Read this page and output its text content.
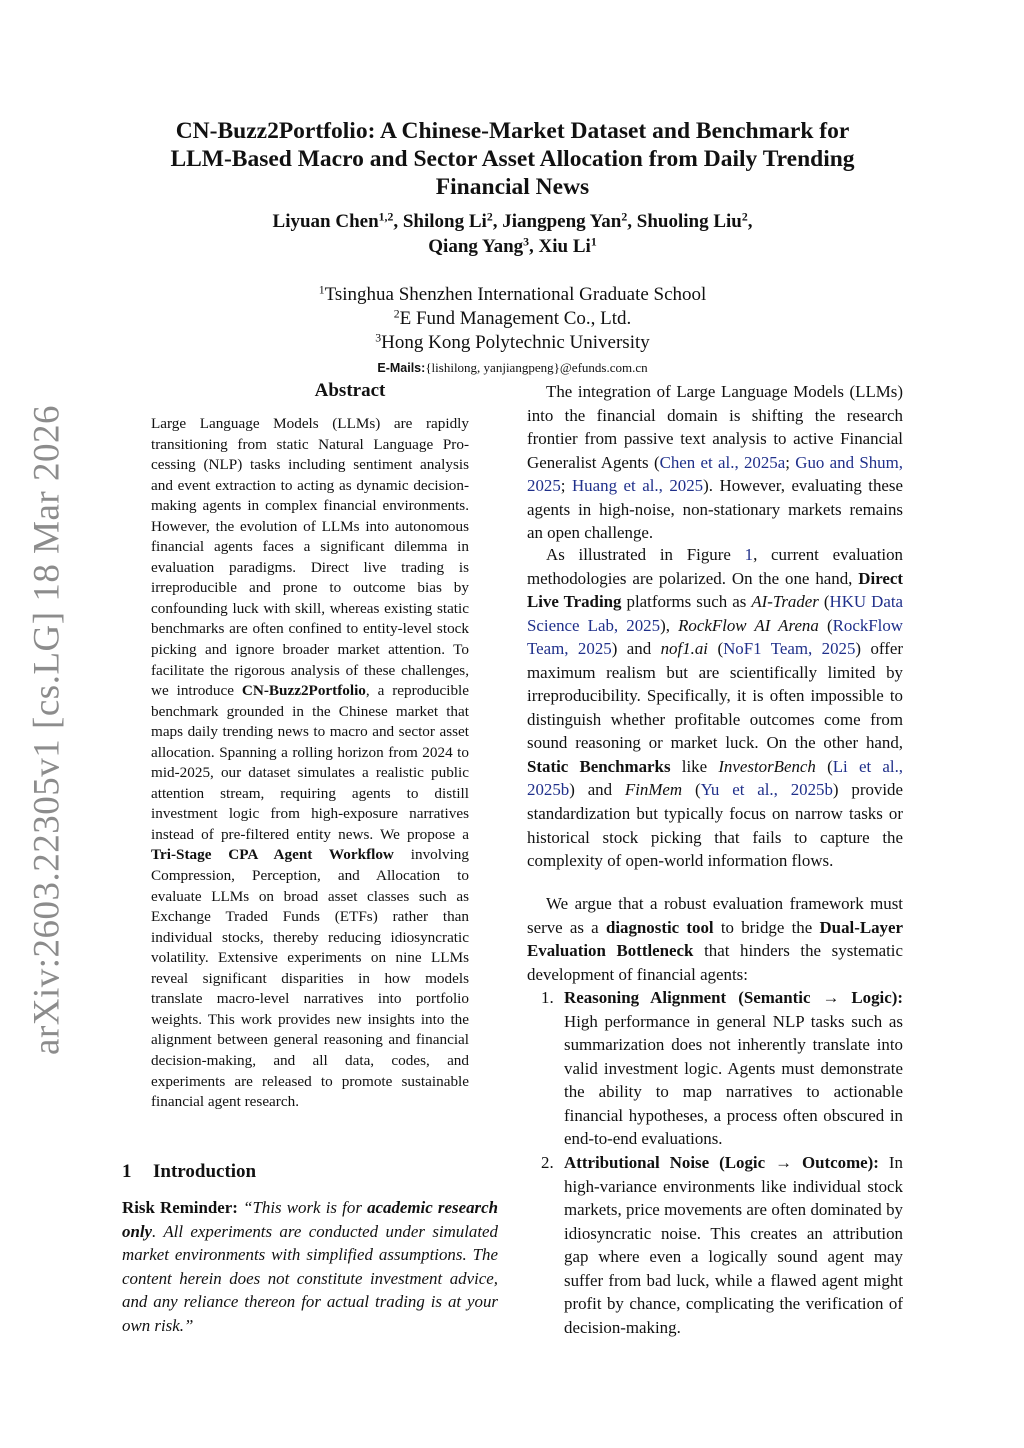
arXiv:2603.22305v1 [cs.LG] 18 Mar 2026
CN-Buzz2Portfolio: A Chinese-Market Dataset and Benchmark for
LLM-Based Macro and Sector Asset Allocation from Daily Trending
Financial News
Liyuan Chen$^{1,2}$, Shilong Li$^2$, Jiangpeng Yan$^2$, Shuoling Liu$^2$,
Qiang Yang$^3$, Xiu Li$^1$
$^1$Tsinghua Shenzhen International Graduate School
$^2$E Fund Management Co., Ltd.
$^3$Hong Kong Polytechnic University
E-Mails:{lishilong, yanjiangpeng}@efunds.com.cn
Abstract
Large Language Models (LLMs) are rapidly transitioning from static Natural Language Processing (NLP) tasks including sentiment analysis and event extraction to acting as dynamic decision-making agents in complex financial environments. However, the evolution of LLMs into autonomous financial agents faces a significant dilemma in evaluation paradigms. Direct live trading is irreproducible and prone to outcome bias by confounding luck with skill, whereas existing static benchmarks are often confined to entity-level stock picking and ignore broader market attention. To facilitate the rigorous analysis of these challenges, we introduce CN-Buzz2Portfolio, a reproducible benchmark grounded in the Chinese market that maps daily trending news to macro and sector asset allocation. Spanning a rolling horizon from 2024 to mid-2025, our dataset simulates a realistic public attention stream, requiring agents to distill investment logic from high-exposure narratives instead of pre-filtered entity news. We propose a Tri-Stage CPA Agent Workflow involving Compression, Perception, and Allocation to evaluate LLMs on broad asset classes such as Exchange Traded Funds (ETFs) rather than individual stocks, thereby reducing idiosyncratic volatility. Extensive experiments on nine LLMs reveal significant disparities in how models translate macro-level narratives into portfolio weights. This work provides new insights into the alignment between general reasoning and financial decision-making, and all data, codes, and experiments are released to promote sustainable financial agent research.
1 Introduction
Risk Reminder: “This work is for academic research only. All experiments are conducted under simulated market environments with simplified assumptions. The content herein does not constitute investment advice, and any reliance thereon for actual trading is at your own risk.”
The integration of Large Language Models (LLMs) into the financial domain is shifting the research frontier from passive text analysis to active Financial Generalist Agents (Chen et al., 2025a; Guo and Shum, 2025; Huang et al., 2025). However, evaluating these agents in high-noise, non-stationary markets remains an open challenge.
As illustrated in Figure 1, current evaluation methodologies are polarized. On the one hand, Direct Live Trading platforms such as AI-Trader (HKU Data Science Lab, 2025), RockFlow AI Arena (RockFlow Team, 2025) and nof1.ai (NoF1 Team, 2025) offer maximum realism but are scientifically limited by irreproducibility. Specifically, it is often impossible to distinguish whether profitable outcomes come from sound reasoning or market luck. On the other hand, Static Benchmarks like InvestorBench (Li et al., 2025b) and FinMem (Yu et al., 2025b) provide standardization but typically focus on narrow tasks or historical stock picking that fails to capture the complexity of open-world information flows.
We argue that a robust evaluation framework must serve as a diagnostic tool to bridge the Dual-Layer Evaluation Bottleneck that hinders the systematic development of financial agents:
1. Reasoning Alignment (Semantic → Logic): High performance in general NLP tasks such as summarization does not inherently translate into valid investment logic. Agents must demonstrate the ability to map narratives to actionable financial hypotheses, a process often obscured in end-to-end evaluations.
2. Attributional Noise (Logic → Outcome): In high-variance environments like individual stock markets, price movements are often dominated by idiosyncratic noise. This creates an attribution gap where even a logically sound agent may suffer from bad luck, while a flawed agent might profit by chance, complicating the verification of decision-making.
